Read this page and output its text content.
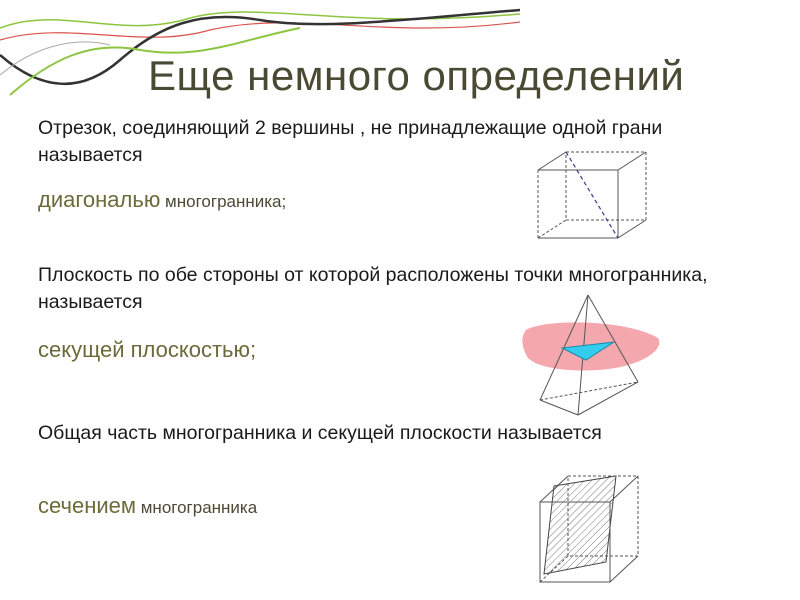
Еще немного определений

Отрезок, соединяющий 2 вершины , не принадлежащие одной грани называется

диагональю многогранника;

Плоскость по обе стороны от которой расположены точки многогранника, называется

секущей плоскостью;

Общая часть многогранника и секущей плоскости называется

сечением многогранника
